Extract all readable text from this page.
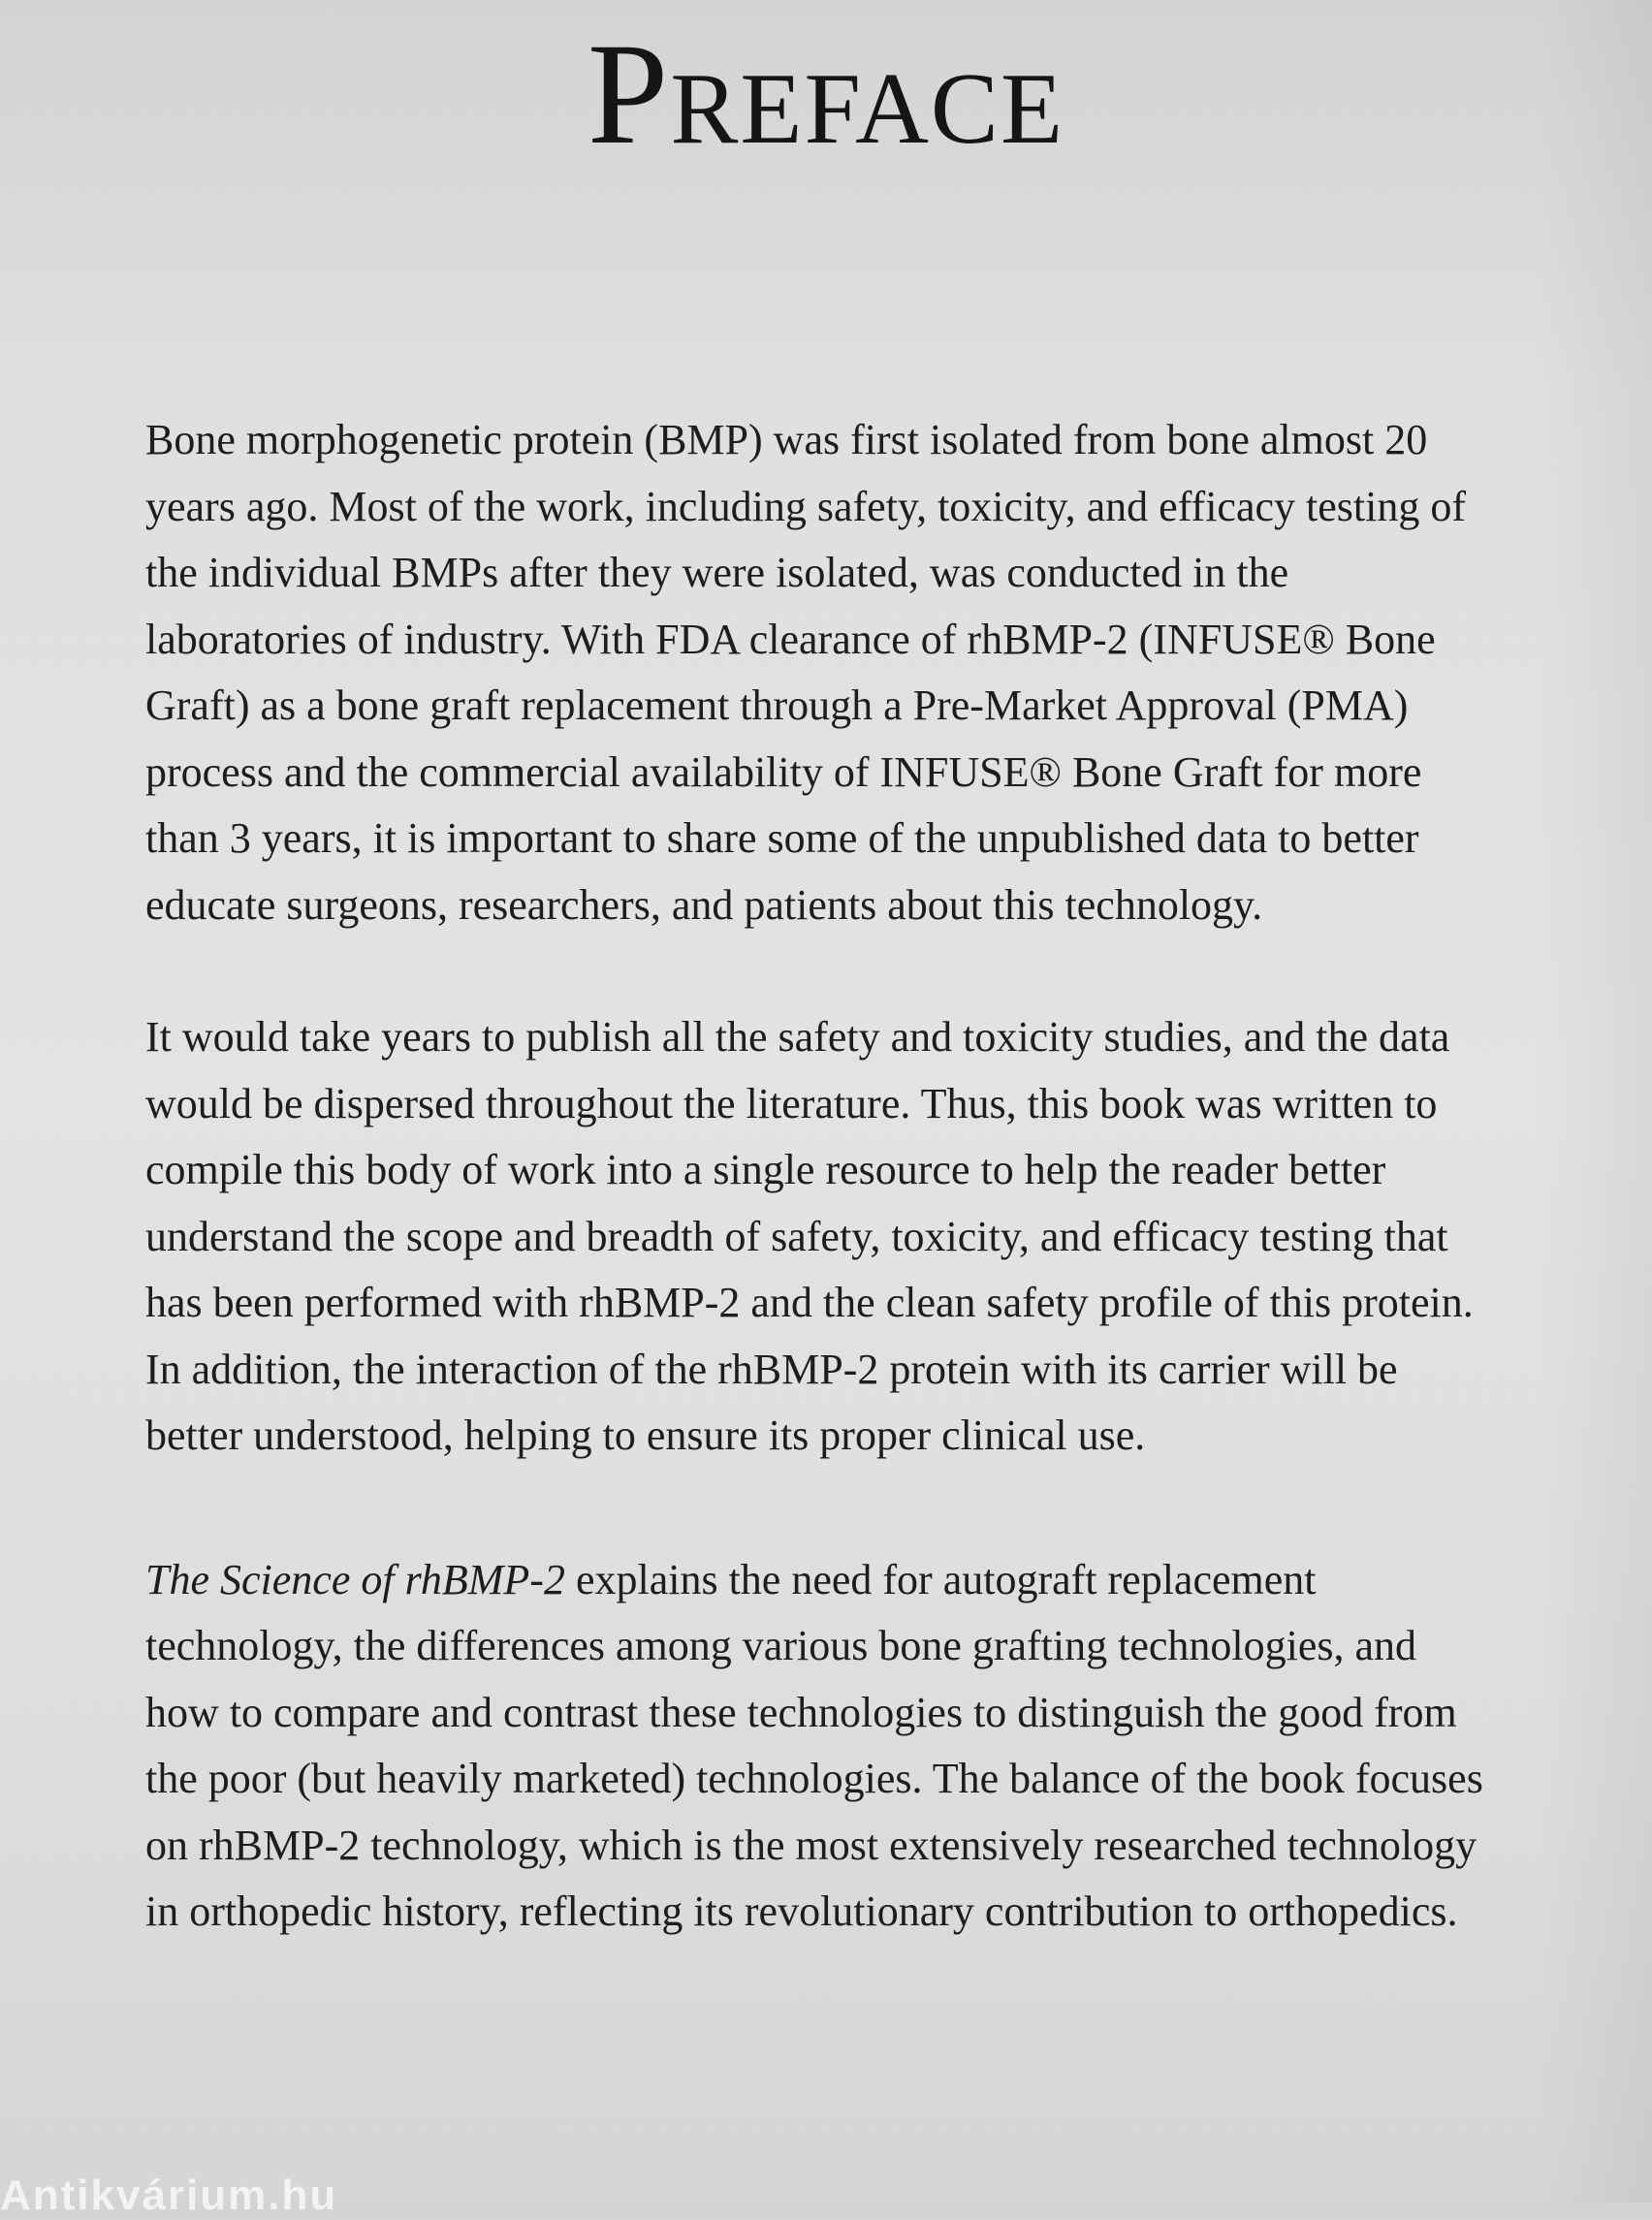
Preface

Bone morphogenetic protein (BMP) was first isolated from bone almost 20 years ago. Most of the work, including safety, toxicity, and efficacy testing of the individual BMPs after they were isolated, was conducted in the laboratories of industry. With FDA clearance of rhBMP-2 (INFUSE® Bone Graft) as a bone graft replacement through a Pre-Market Approval (PMA) process and the commercial availability of INFUSE® Bone Graft for more than 3 years, it is important to share some of the unpublished data to better educate surgeons, researchers, and patients about this technology.

It would take years to publish all the safety and toxicity studies, and the data would be dispersed throughout the literature. Thus, this book was written to compile this body of work into a single resource to help the reader better understand the scope and breadth of safety, toxicity, and efficacy testing that has been performed with rhBMP-2 and the clean safety profile of this protein. In addition, the interaction of the rhBMP-2 protein with its carrier will be better understood, helping to ensure its proper clinical use.

The Science of rhBMP-2 explains the need for autograft replacement technology, the differences among various bone grafting technologies, and how to compare and contrast these technologies to distinguish the good from the poor (but heavily marketed) technologies. The balance of the book focuses on rhBMP-2 technology, which is the most extensively researched technology in orthopedic history, reflecting its revolutionary contribution to orthopedics.

Antikvárium.hu
